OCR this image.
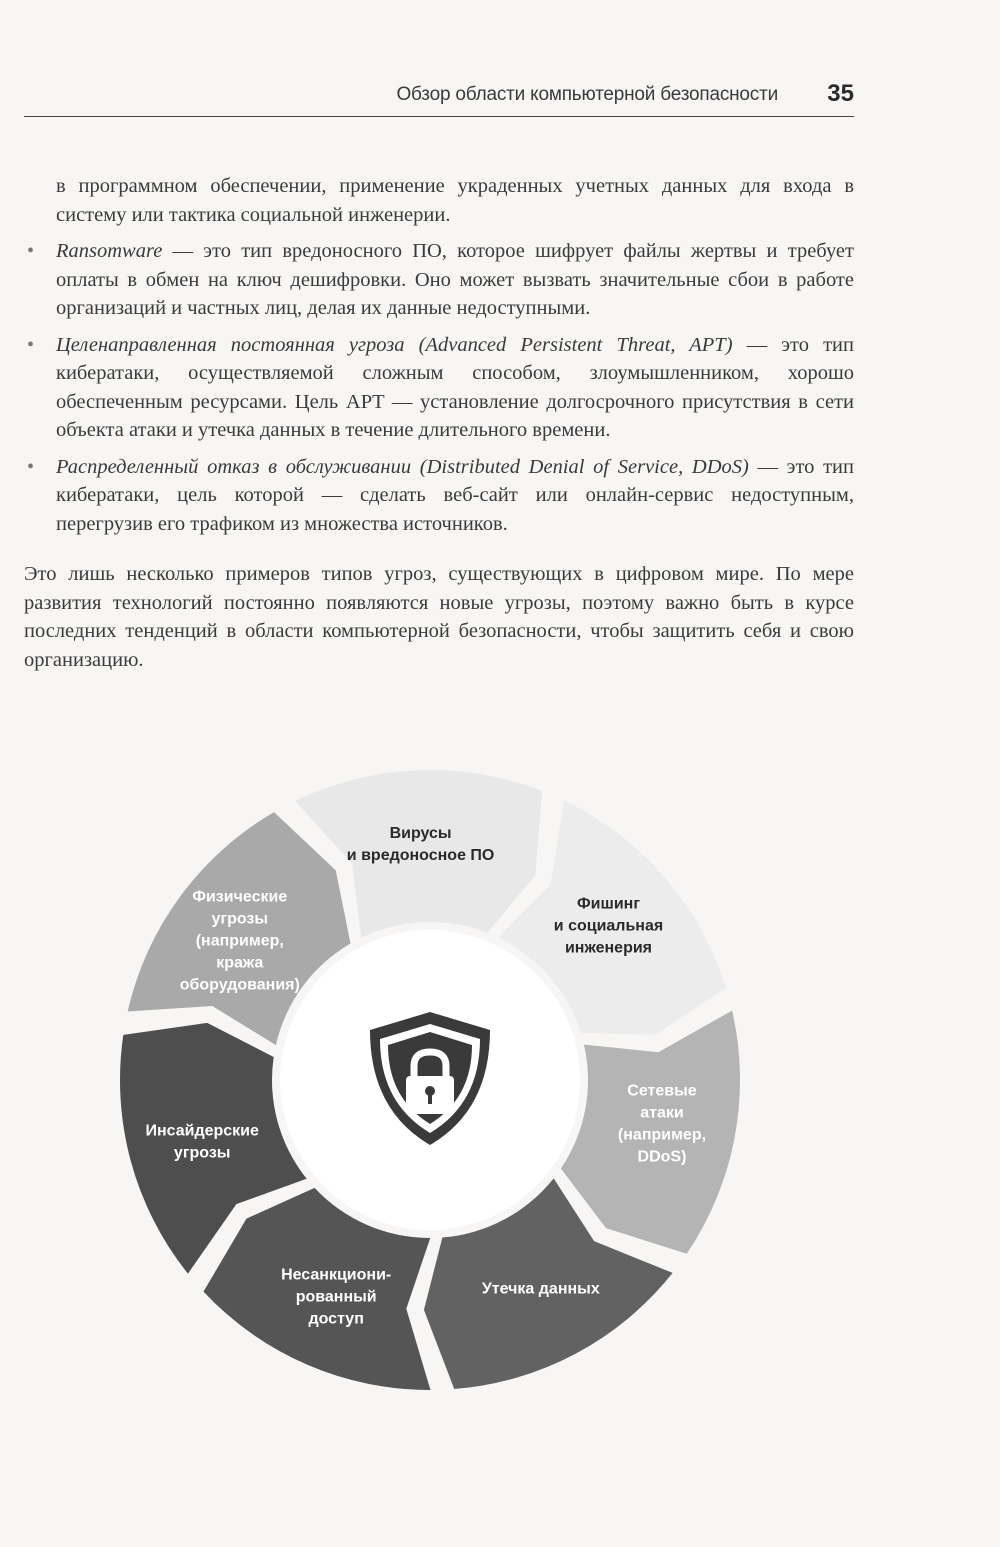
Обзор области компьютерной безопасности 35
в программном обеспечении, применение украденных учетных данных для входа в систему или тактика социальной инженерии.
• Ransomware — это тип вредоносного ПО, которое шифрует файлы жертвы и требует оплаты в обмен на ключ дешифровки. Оно может вызвать значительные сбои в работе организаций и частных лиц, делая их данные недоступными.
• Целенаправленная постоянная угроза (Advanced Persistent Threat, APT) — это тип кибератаки, осуществляемой сложным способом, злоумышленником, хорошо обеспеченным ресурсами. Цель APT — установление долгосрочного присутствия в сети объекта атаки и утечка данных в течение длительного времени.
• Распределенный отказ в обслуживании (Distributed Denial of Service, DDoS) — это тип кибератаки, цель которой — сделать веб-сайт или онлайн-сервис недоступным, перегрузив его трафиком из множества источников.

Это лишь несколько примеров типов угроз, существующих в цифровом мире. По мере развития технологий постоянно появляются новые угрозы, поэтому важно быть в курсе последних тенденций в области компьютерной безопасности, чтобы защитить себя и свою организацию.

Вирусы и вредоносное ПО
Фишинг и социальная инженерия
Сетевые атаки (например, DDoS)
Утечка данных
Несанкциони-рованный доступ
Инсайдерские угрозы
Физические угрозы (например, кража оборудования)
